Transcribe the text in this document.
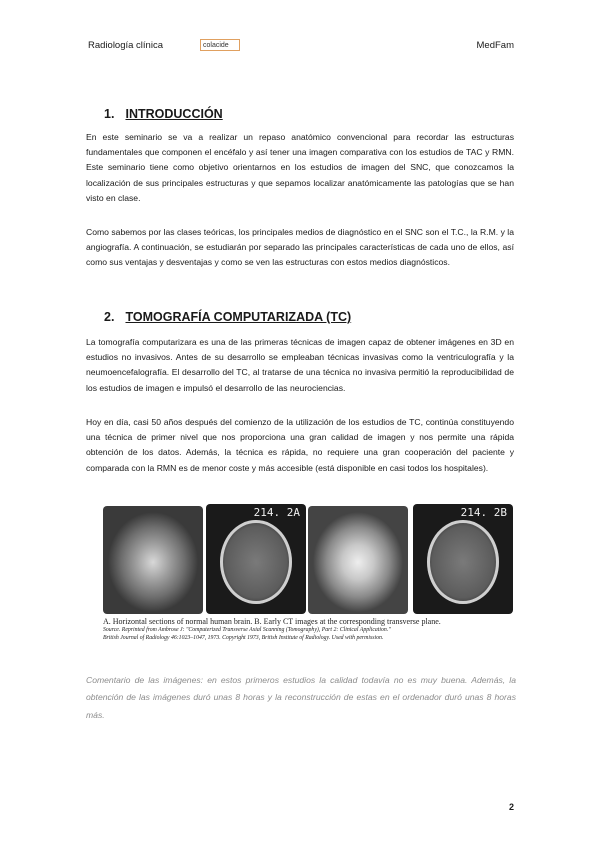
Radiología clínica	colacide	MedFam
1. INTRODUCCIÓN

En este seminario se va a realizar un repaso anatómico convencional para recordar las estructuras fundamentales que componen el encéfalo y así tener una imagen comparativa con los estudios de TAC y RMN. Este seminario tiene como objetivo orientarnos en los estudios de imagen del SNC, que conozcamos la localización de sus principales estructuras y que sepamos localizar anatómicamente las patologías que se han visto en clase.

Como sabemos por las clases teóricas, los principales medios de diagnóstico en el SNC son el T.C., la R.M. y la angiografía. A continuación, se estudiarán por separado las principales características de cada uno de ellos, así como sus ventajas y desventajas y como se ven las estructuras con estos medios diagnósticos.

2. TOMOGRAFÍA COMPUTARIZADA (TC)

La tomografía computarizara es una de las primeras técnicas de imagen capaz de obtener imágenes en 3D en estudios no invasivos. Antes de su desarrollo se empleaban técnicas invasivas como la ventriculografía y la neumoencefalografía. El desarrollo del TC, al tratarse de una técnica no invasiva permitió la reproducibilidad de los estudios de imagen e impulsó el desarrollo de las neurociencias.

Hoy en día, casi 50 años después del comienzo de la utilización de los estudios de TC, continúa constituyendo una técnica de primer nivel que nos proporciona una gran calidad de imagen y nos permite una rápida obtención de los datos. Además, la técnica es rápida, no requiere una gran cooperación del paciente y comparada con la RMN es de menor coste y más accesible (está disponible en casi todos los hospitales).

214. 2A	214. 2B
A. Horizontal sections of normal human brain. B. Early CT images at the corresponding transverse plane.
Source. Reprinted from Ambrose J: "Computerized Transverse Axial Scanning (Tomography), Part 2: Clinical Application."
British Journal of Radiology 46:1023–1047, 1973. Copyright 1973, British Institute of Radiology. Used with permission.

Comentario de las imágenes: en estos primeros estudios la calidad todavía no es muy buena. Además, la obtención de las imágenes duró unas 8 horas y la reconstrucción de estas en el ordenador duró unas 8 horas más.

2
